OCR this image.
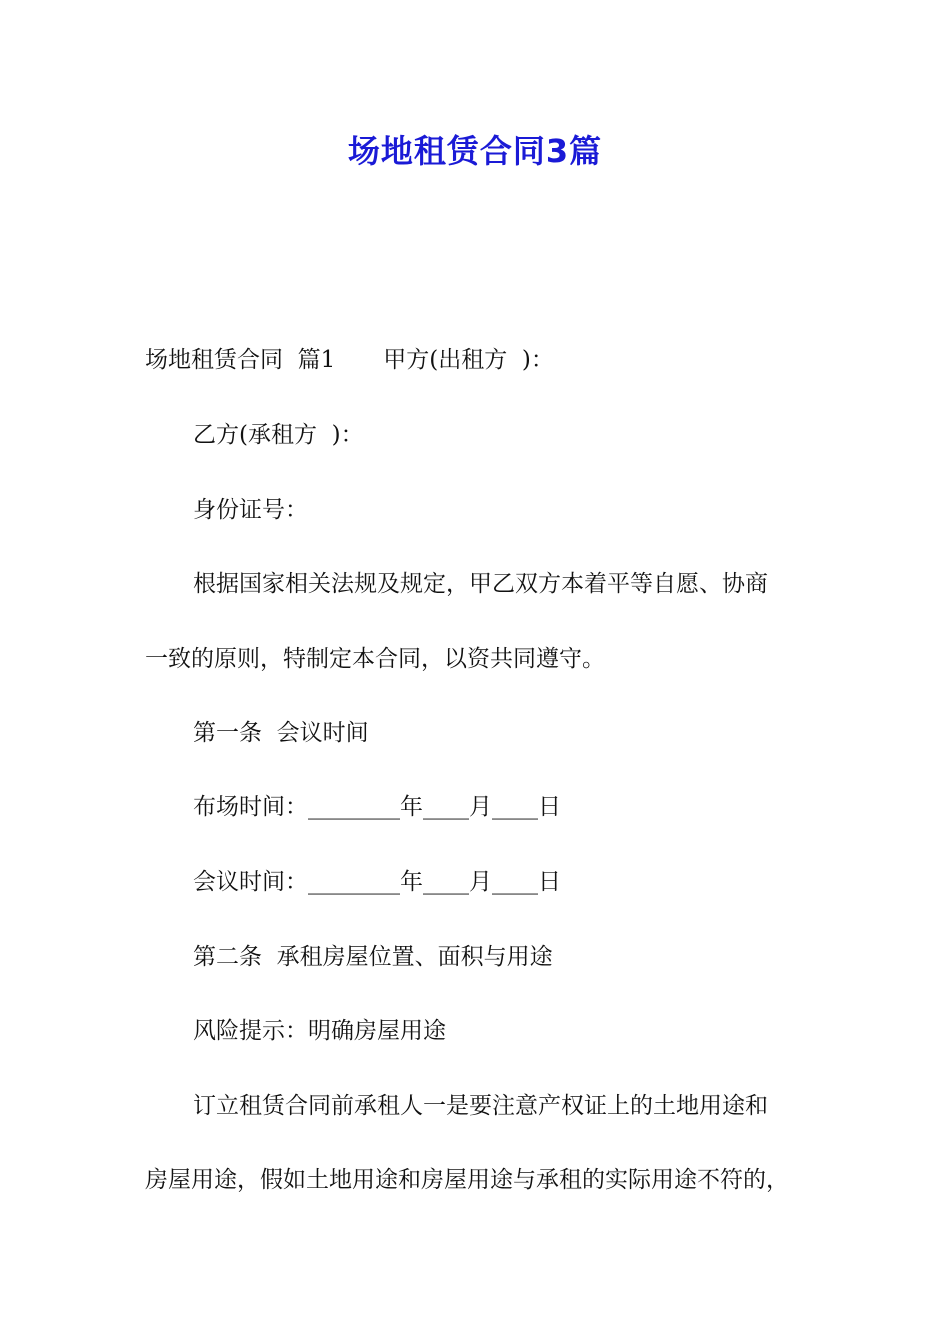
场地租赁合同3篇

场地租赁合同  篇1 甲方(出租方  )：

乙方(承租方  )：

身份证号：

根据国家相关法规及规定，甲乙双方本着平等自愿、协商

一致的原则，特制定本合同，以资共同遵守。

第一条  会议时间

布场时间：________年____月____日

会议时间：________年____月____日

第二条  承租房屋位置、面积与用途

风险提示：明确房屋用途

订立租赁合同前承租人一是要注意产权证上的土地用途和

房屋用途，假如土地用途和房屋用途与承租的实际用途不符的，
